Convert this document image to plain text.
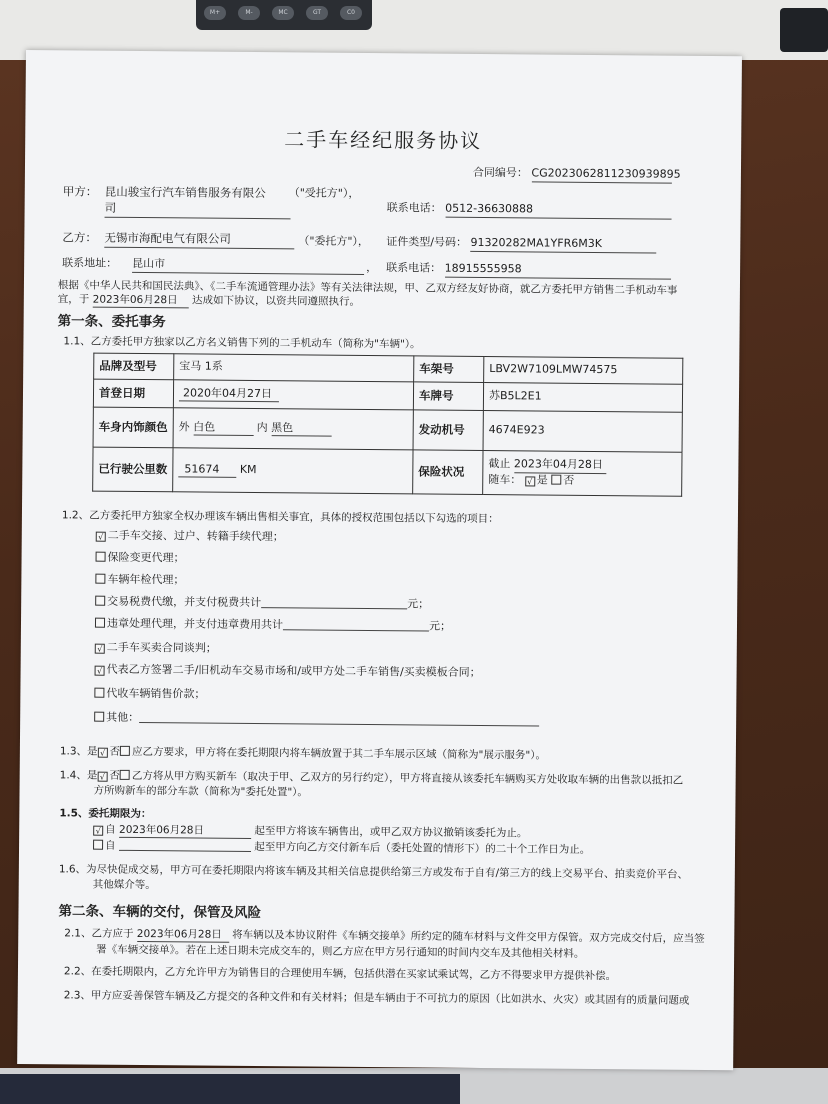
M+	M-	MC	GT	C0
二手车经纪服务协议
合同编号： CG2023062811230939895
甲方： 昆山骏宝行汽车销售服务有限公
司
（"受托方"），
联系电话： 0512-36630888
乙方： 无锡市海配电气有限公司	（"委托方"）， 证件类型/号码： 91320282MA1YFR6M3K
联系地址： 昆山市	， 联系电话： 18915555958
根据《中华人民共和国民法典》、《二手车流通管理办法》等有关法律法规，甲、乙双方经友好协商，就乙方委托甲方销售二手机动车事
宜，于 2023年06月28日 达成如下协议，以资共同遵照执行。
第一条、委托事务
1.1、乙方委托甲方独家以乙方名义销售下列的二手机动车（简称为"车辆"）。
品牌及型号	宝马 1系	车架号	LBV2W7109LMW74575
首登日期	2020年04月27日	车牌号	苏B5L2E1
车身内饰颜色	外 白色 内 黑色	发动机号	4674E923
已行驶公里数	51674 KM	保险状况	截止 2023年04月28日
随车： √ 是 否
1.2、乙方委托甲方独家全权办理该车辆出售相关事宜，具体的授权范围包括以下勾选的项目：
√ 二手车交接、过户、转籍手续代理；
保险变更代理；
车辆年检代理；
交易税费代缴，并支付税费共计	元；
违章处理代理，并支付违章费用共计	元；
√ 二手车买卖合同谈判；
√ 代表乙方签署二手/旧机动车交易市场和/或甲方处二手车销售/买卖模板合同；
代收车辆销售价款；
其他：
1.3、是 √ 否 应乙方要求，甲方将在委托期限内将车辆放置于其二手车展示区域（简称为"展示服务"）。
1.4、是 √ 否 乙方将从甲方购买新车（取决于甲、乙双方的另行约定），甲方将直接从该委托车辆购买方处收取车辆的出售款以抵扣乙
方所购新车的部分车款（简称为"委托处置"）。
1.5、委托期限为：
√ 自 2023年06月28日	起至甲方将该车辆售出，或甲乙双方协议撤销该委托为止。
自	起至甲方向乙方交付新车后（委托处置的情形下）的二十个工作日为止。
1.6、为尽快促成交易，甲方可在委托期限内将该车辆及其相关信息提供给第三方或发布于自有/第三方的线上交易平台、拍卖竞价平台、
其他媒介等。
第二条、车辆的交付，保管及风险
2.1、乙方应于 2023年06月28日 将车辆以及本协议附件《车辆交接单》所约定的随车材料与文件交甲方保管。双方完成交付后，应当签
署《车辆交接单》。若在上述日期未完成交车的，则乙方应在甲方另行通知的时间内交车及其他相关材料。
2.2、在委托期限内，乙方允许甲方为销售目的合理使用车辆，包括供潜在买家试乘试驾，乙方不得要求甲方提供补偿。
2.3、甲方应妥善保管车辆及乙方提交的各种文件和有关材料；但是车辆由于不可抗力的原因（比如洪水、火灾）或其固有的质量问题或
